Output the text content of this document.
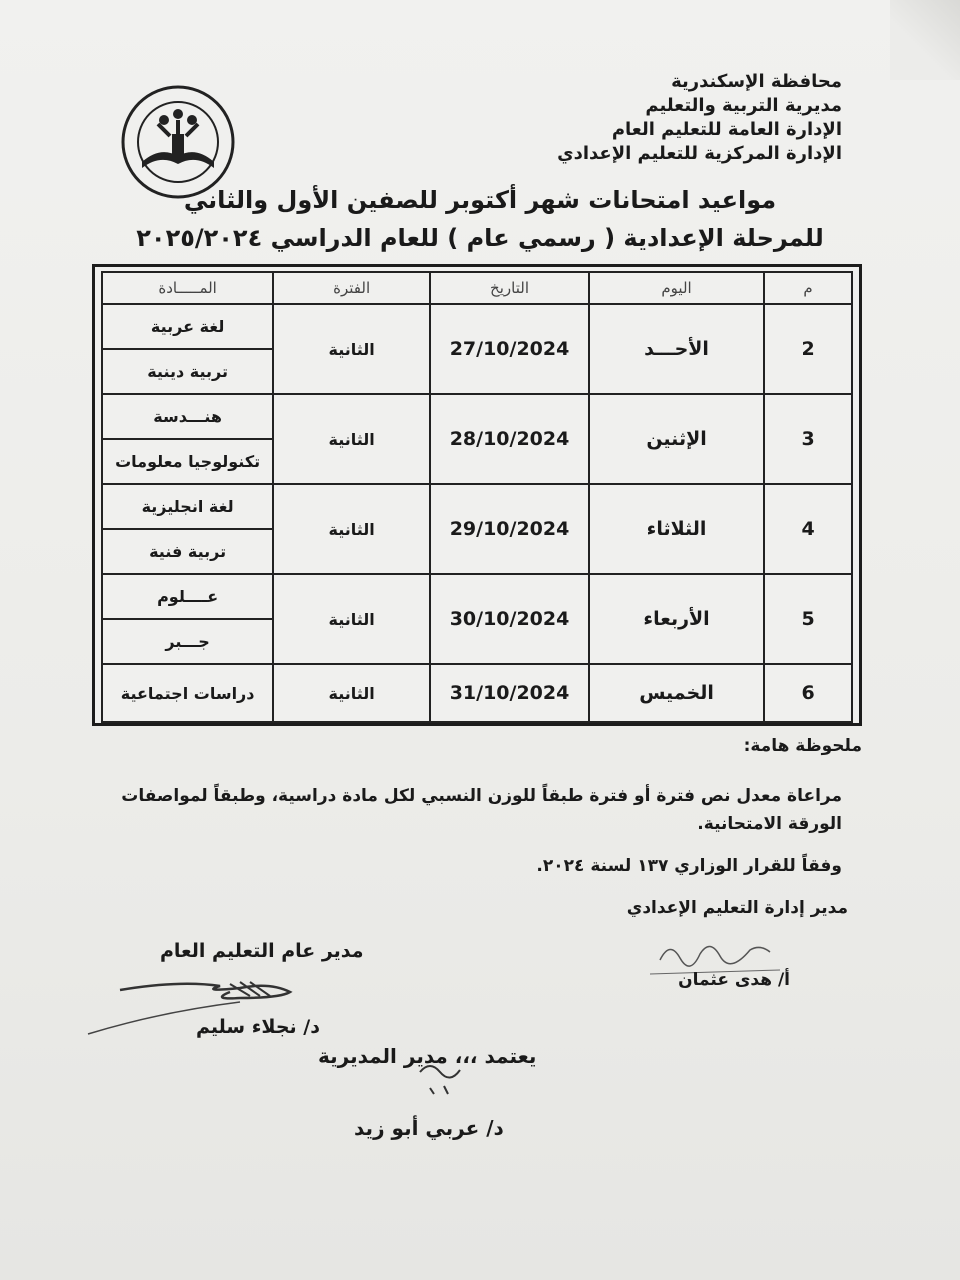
محافظة الإسكندرية
مديرية التربية والتعليم
الإدارة العامة للتعليم العام
الإدارة المركزية للتعليم الإعدادي
مواعيد امتحانات شهر أكتوبر للصفين الأول والثاني
للمرحلة الإعدادية ( رسمي عام ) للعام الدراسي ٢٠٢٥/٢٠٢٤
م	اليوم	التاريخ	الفترة	المـــــادة
2	الأحـــد	27/10/2024	الثانية	لغة عربية
				تربية دينية
3	الإثنين	28/10/2024	الثانية	هنـــدسة
				تكنولوجيا معلومات
4	الثلاثاء	29/10/2024	الثانية	لغة انجليزية
				تربية فنية
5	الأربعاء	30/10/2024	الثانية	عــــلوم
				جـــبر
6	الخميس	31/10/2024	الثانية	دراسات اجتماعية
ملحوظة هامة:
مراعاة معدل نص فترة أو فترة طبقاً للوزن النسبي لكل مادة دراسية، وطبقاً لمواصفات الورقة الامتحانية.
وفقاً للقرار الوزاري ١٣٧ لسنة ٢٠٢٤.
مدير إدارة التعليم الإعدادي
أ/ هدى عثمان
مدير عام التعليم العام
د/ نجلاء سليم
يعتمد ،،، مدير المديرية
د/ عربي أبو زيد
